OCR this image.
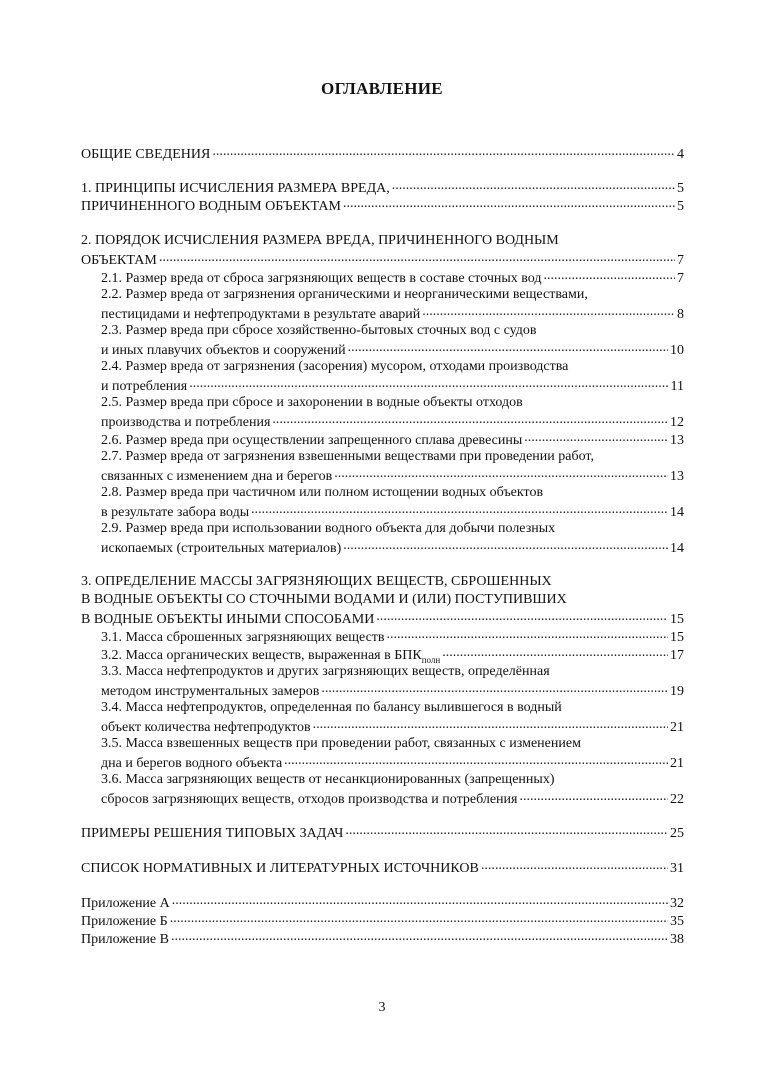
ОГЛАВЛЕНИЕ
ОБЩИЕ СВЕДЕНИЯ .....	4
1. ПРИНЦИПЫ ИСЧИСЛЕНИЯ РАЗМЕРА ВРЕДА, .....	5
ПРИЧИНЕННОГО ВОДНЫМ ОБЪЕКТАМ .....	5
2. ПОРЯДОК ИСЧИСЛЕНИЯ РАЗМЕРА ВРЕДА, ПРИЧИНЕННОГО ВОДНЫМ
ОБЪЕКТАМ .....	7
2.1. Размер вреда от сброса загрязняющих веществ в составе сточных вод .....	7
2.2. Размер вреда от загрязнения органическими и неорганическими веществами,
пестицидами и нефтепродуктами в результате аварий .....	8
2.3. Размер вреда при сбросе хозяйственно-бытовых сточных вод с судов
и иных плавучих объектов и сооружений .....	10
2.4. Размер вреда от загрязнения (засорения) мусором, отходами производства
и потребления .....	11
2.5. Размер вреда при сбросе и захоронении в водные объекты отходов
производства и потребления .....	12
2.6. Размер вреда при осуществлении запрещенного сплава древесины .....	13
2.7. Размер вреда от загрязнения взвешенными веществами при проведении работ,
связанных с изменением дна и берегов .....	13
2.8. Размер вреда при частичном или полном истощении водных объектов
в результате забора воды .....	14
2.9. Размер вреда при использовании водного объекта для добычи полезных
ископаемых (строительных материалов) .....	14
3. ОПРЕДЕЛЕНИЕ МАССЫ ЗАГРЯЗНЯЮЩИХ ВЕЩЕСТВ, СБРОШЕННЫХ
В ВОДНЫЕ ОБЪЕКТЫ СО СТОЧНЫМИ ВОДАМИ И (ИЛИ) ПОСТУПИВШИХ
В ВОДНЫЕ ОБЪЕКТЫ ИНЫМИ СПОСОБАМИ .....	15
3.1. Масса сброшенных загрязняющих веществ .....	15
3.2. Масса органических веществ, выраженная в $БПК_{полн}$ .....	17
3.3. Масса нефтепродуктов и других загрязняющих веществ, определённая
методом инструментальных замеров .....	19
3.4. Масса нефтепродуктов, определенная по балансу вылившегося в водный
объект количества нефтепродуктов .....	21
3.5. Масса взвешенных веществ при проведении работ, связанных с изменением
дна и берегов водного объекта .....	21
3.6. Масса загрязняющих веществ от несанкционированных (запрещенных)
сбросов загрязняющих веществ, отходов производства и потребления .....	22
ПРИМЕРЫ РЕШЕНИЯ ТИПОВЫХ ЗАДАЧ .....	25
СПИСОК НОРМАТИВНЫХ И ЛИТЕРАТУРНЫХ ИСТОЧНИКОВ .....	31
Приложение А .....	32
Приложение Б .....	35
Приложение В .....	38
3
